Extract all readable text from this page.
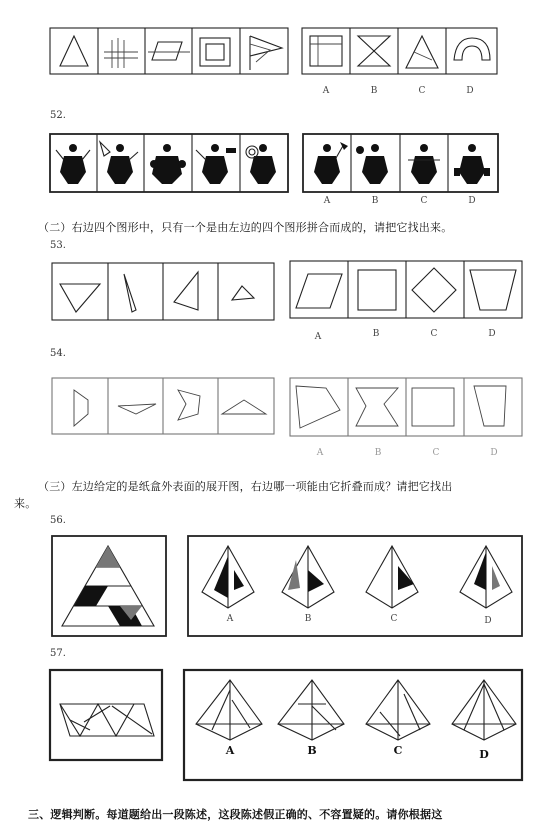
A	B	C	D
52.
A	B	C	D
（二）右边四个图形中，只有一个是由左边的四个图形拼合而成的，请把它找出来。
53.
A	B	C	D
54.
A	B	C	D
（三）左边给定的是纸盒外表面的展开图，右边哪一项能由它折叠而成？请把它找出
来。
56.
A	B	C	D
57.
A	B	C	D
三、逻辑判断。每道题给出一段陈述，这段陈述假正确的、不容置疑的。请你根据这
